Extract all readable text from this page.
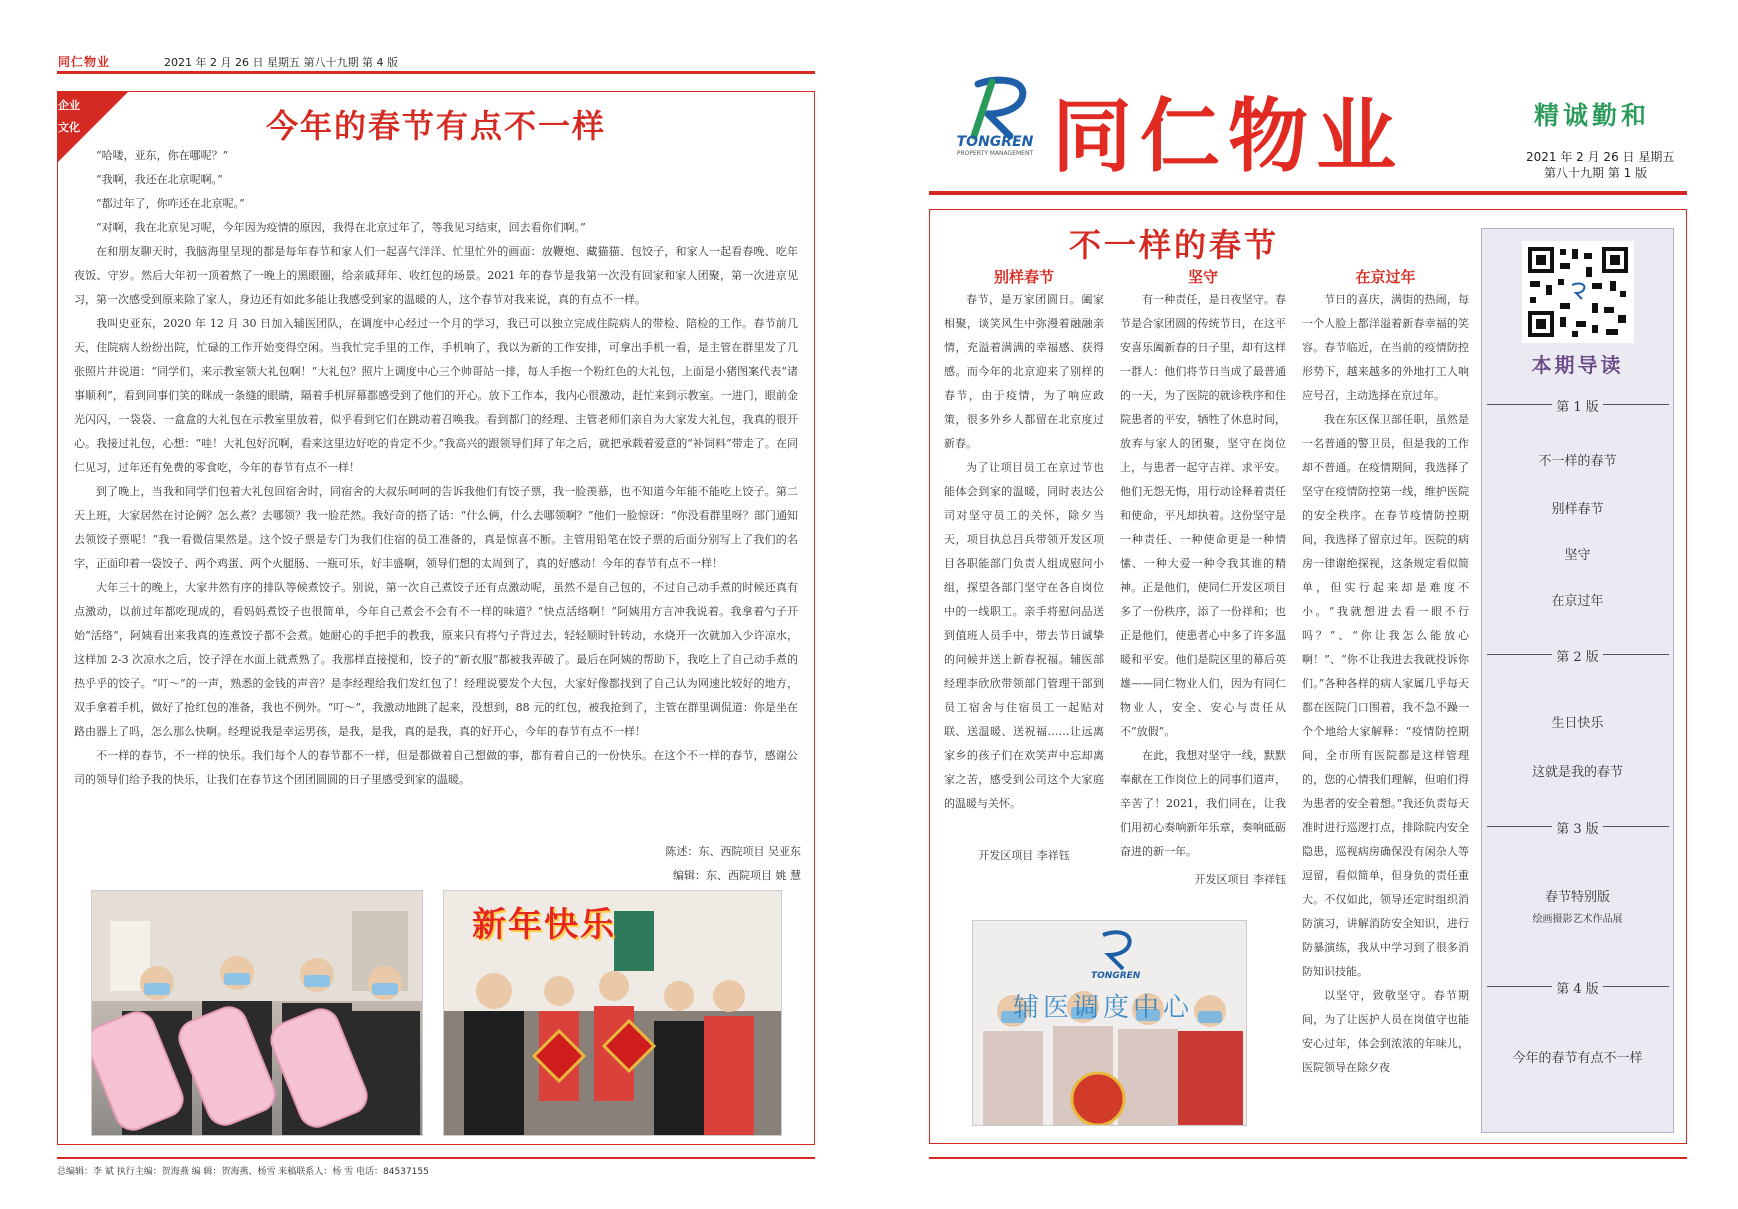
同仁物业	2021 年 2 月 26 日 星期五 第八十九期 第 4 版
企业
文化	今年的春节有点不一样

“哈喽，亚东，你在哪呢？”

“我啊，我还在北京呢啊。”

“都过年了，你咋还在北京呢。”

“对啊，我在北京见习呢，今年因为疫情的原因，我得在北京过年了，等我见习结束，回去看你们啊。”

在和朋友聊天时，我脑海里呈现的都是每年春节和家人们一起喜气洋洋、忙里忙外的画面：放鞭炮、藏猫猫、包饺子，和家人一起看春晚、吃年夜饭、守岁。然后大年初一顶着熬了一晚上的黑眼圈，给亲戚拜年、收红包的场景。2021 年的春节是我第一次没有回家和家人团聚，第一次进京见习，第一次感受到原来除了家人，身边还有如此多能让我感受到家的温暖的人，这个春节对我来说，真的有点不一样。

我叫史亚东，2020 年 12 月 30 日加入辅医团队，在调度中心经过一个月的学习，我已可以独立完成住院病人的带检、陪检的工作。春节前几天，住院病人纷纷出院，忙碌的工作开始变得空闲。当我忙完手里的工作，手机响了，我以为新的工作安排，可拿出手机一看，是主管在群里发了几张照片并说道：“同学们，来示教室领大礼包啊！”大礼包？照片上调度中心三个帅哥站一排，每人手抱一个粉红色的大礼包，上面是小猪图案代表“诸事顺利”，看到同事们笑的眯成一条缝的眼睛，隔着手机屏幕都感受到了他们的开心。放下工作本，我内心很激动，赶忙来到示教室。一进门，眼前金光闪闪，一袋袋、一盒盒的大礼包在示教室里放着，似乎看到它们在跳动着召唤我。看到都门的经理、主管老师们亲自为大家发大礼包，我真的很开心。我接过礼包，心想：“哇！大礼包好沉啊，看来这里边好吃的肯定不少。”我高兴的跟领导们拜了年之后，就把承载着爱意的“补饲料”带走了。在同仁见习，过年还有免费的零食吃，今年的春节有点不一样！

到了晚上，当我和同学们包着大礼包回宿舍时，同宿舍的大叔乐呵呵的告诉我他们有饺子票，我一脸羡慕，也不知道今年能不能吃上饺子。第二天上班，大家居然在讨论俩？怎么煮？去哪领？我一脸茫然。我好奇的搭了话：“什么俩，什么去哪领啊？”他们一脸惊讶：“你没看群里呀？部门通知去领饺子票呢！”我一看微信果然是。这个饺子票是专门为我们住宿的员工准备的，真是惊喜不断。主管用铅笔在饺子票的后面分别写上了我们的名字，正面印着一袋饺子、两个鸡蛋、两个火腿肠、一瓶可乐，好丰盛啊，领导们想的太周到了，真的好感动！今年的春节有点不一样！

大年三十的晚上，大家井然有序的排队等候煮饺子。别说，第一次自己煮饺子还有点激动呢，虽然不是自己包的，不过自己动手煮的时候还真有点激动，以前过年都吃现成的，看妈妈煮饺子也很简单，今年自己煮会不会有不一样的味道？“快点活络啊！”阿姨用方言冲我说着。我拿着勺子开始“活络”，阿姨看出来我真的连煮饺子都不会煮。她耐心的手把手的教我，原来只有将勺子背过去，轻轻顺时针转动，水烧开一次就加入少许凉水，这样加 2-3 次凉水之后，饺子浮在水面上就煮熟了。我那样直接搅和，饺子的“新衣服”都被我弄破了。最后在阿姨的帮助下，我吃上了自己动手煮的热乎乎的饺子。“叮～”的一声，熟悉的金钱的声音？是李经理给我们发红包了！经理说要发个大包，大家好像都找到了自己认为网速比较好的地方，双手拿着手机，做好了抢红包的准备，我也不例外。“叮～”，我激动地跳了起来，没想到，88 元的红包，被我抢到了，主管在群里调侃道：你是坐在路由器上了吗，怎么那么快啊。经理说我是幸运男孩，是我，是我，真的是我，真的好开心，今年的春节有点不一样！

不一样的春节，不一样的快乐。我们每个人的春节都不一样，但是都做着自己想做的事，都有着自己的一份快乐。在这个不一样的春节，感谢公司的领导们给予我的快乐，让我们在春节这个团团圆圆的日子里感受到家的温暖。

陈述：东、西院项目 吴亚东
编辑：东、西院项目 姚 慧
新年快乐
总编辑：李 斌 执行主编：贺海燕 编 辑：贺海燕、杨雪 来稿联系人：杨 雪 电话：84537155
TONGREN
PROPERTY MANAGEMENT 同仁物业	精诚勤和
2021 年 2 月 26 日 星期五
第八十九期 第 1 版
不一样的春节
别样春节	坚守	在京过年

春节，是万家团圆日。阖家相聚，谈笑风生中弥漫着融融亲情，充溢着满满的幸福感、获得感。而今年的北京迎来了别样的春节，由于疫情，为了响应政策，很多外乡人都留在北京度过新春。

为了让项目员工在京过节也能体会到家的温暖，同时表达公司对坚守员工的关怀，除夕当天，项目执总吕兵带领开发区项目各职能部门负责人组成慰问小组，探望各部门坚守在各自岗位中的一线职工。亲手将慰问品送到值班人员手中，带去节日诚挚的问候并送上新春祝福。辅医部经理李欣欣带领部门管理干部到员工宿舍与住宿员工一起贴对联、送温暖、送祝福……让远离家乡的孩子们在欢笑声中忘却离家之苦，感受到公司这个大家庭的温暖与关怀。

开发区项目 李祥钰

有一种责任，是日夜坚守。春节是合家团圆的传统节日，在这平安喜乐阖新春的日子里，却有这样一群人：他们将节日当成了最普通的一天，为了医院的就诊秩序和住院患者的平安，牺牲了休息时间，放弃与家人的团聚，坚守在岗位上，与患者一起守吉祥、求平安。他们无怨无悔，用行动诠释着责任和使命，平凡却执着。这份坚守是一种责任、一种使命更是一种情愫、一种大爱一种令我其谁的精神。正是他们，使同仁开发区项目多了一份秩序，添了一份祥和；也正是他们，使患者心中多了许多温暖和平安。他们是院区里的幕后英雄——同仁物业人们，因为有同仁物业人，安全、安心与责任从不“放假”。

在此，我想对坚守一线，默默奉献在工作岗位上的同事们道声，辛苦了！2021，我们同在，让我们用初心奏响新年乐章，奏响砥砺奋进的新一年。

开发区项目 李祥钰

节日的喜庆，满街的热闹，每一个人脸上都洋溢着新春幸福的笑容。春节临近，在当前的疫情防控形势下，越来越多的外地打工人响应号召，主动选择在京过年。

我在东区保卫部任职，虽然是一名普通的警卫员，但是我的工作却不普通。在疫情期间，我选择了坚守在疫情防控第一线，维护医院的安全秩序。在春节疫情防控期间，我选择了留京过年。医院的病房一律谢绝探视，这条规定看似简单，但实行起来却是难度不小。“我就想进去看一眼不行吗？”、“你让我怎么能放心啊！”、“你不让我进去我就投诉你们。”各种各样的病人家属几乎每天都在医院门口围着，我不急不躁一个个地给大家解释：“疫情防控期间，全市所有医院都是这样管理的，您的心情我们理解，但咱们得为患者的安全着想。”我还负责每天准时进行巡逻打点，排除院内安全隐患，巡视病房确保没有闲杂人等逗留，看似简单，但身负的责任重大。不仅如此，领导还定时组织消防演习，讲解消防安全知识，进行防暴演练，我从中学习到了很多消防知识技能。

以坚守，致敬坚守。春节期间，为了让医护人员在岗值守也能安心过年，体会到浓浓的年味儿，医院领导在除夕夜

TONGREN
辅医调度中心
本期导读
第 1 版
不一样的春节
别样春节
坚守
在京过年
第 2 版
生日快乐
这就是我的春节
第 3 版
春节特别版
绘画摄影艺术作品展
第 4 版
今年的春节有点不一样
